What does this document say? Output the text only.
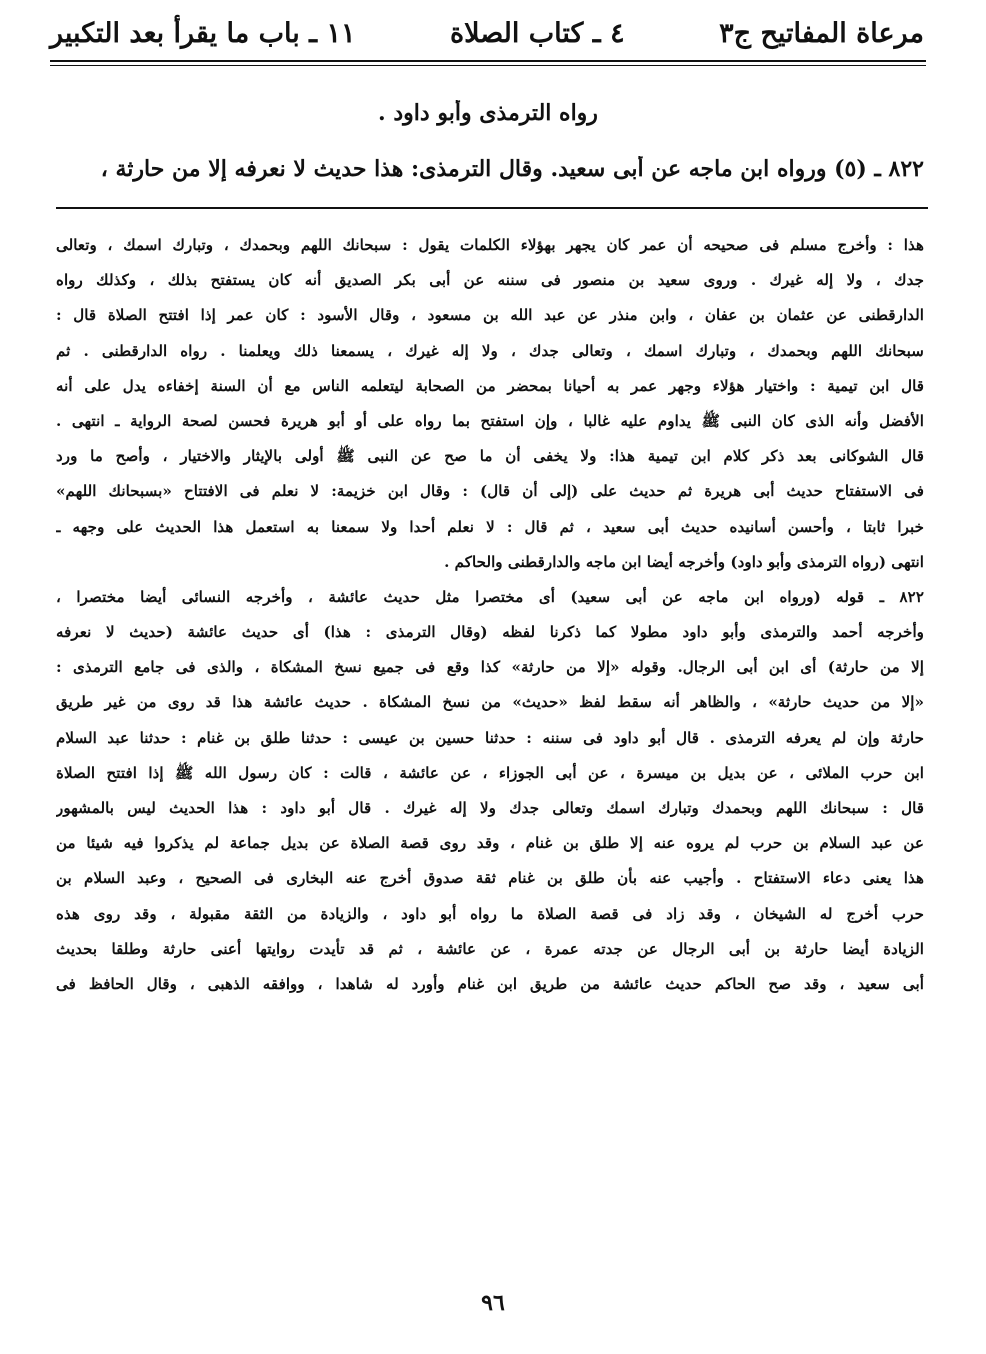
مرعاة المفاتيح ج٣
٤ ـ كتاب الصلاة
١١ ـ باب ما يقرأ بعد التكبير
رواه الترمذى وأبو داود .
٨٢٢ ـ (٥) ورواه ابن ماجه عن أبى سعيد. وقال الترمذى: هذا حديث لا نعرفه إلا من حارثة ،
هذا : وأخرج مسلم فى صحيحه أن عمر كان يجهر بهؤلاء الكلمات يقول : سبحانك اللهم وبحمدك ، وتبارك اسمك ، وتعالى
جدك ، ولا إله غيرك . وروى سعيد بن منصور فى سننه عن أبى بكر الصديق أنه كان يستفتح بذلك ، وكذلك رواه
الدارقطنى عن عثمان بن عفان ، وابن منذر عن عبد الله بن مسعود ، وقال الأسود : كان عمر إذا افتتح الصلاة قال :
سبحانك اللهم وبحمدك ، وتبارك اسمك ، وتعالى جدك ، ولا إله غيرك ، يسمعنا ذلك ويعلمنا . رواه الدارقطنى . ثم
قال ابن تيمية : واختيار هؤلاء وجهر عمر به أحيانا بمحضر من الصحابة ليتعلمه الناس مع أن السنة إخفاءه يدل على أنه
الأفضل وأنه الذى كان النبى ﷺ يداوم عليه غالبا ، وإن استفتح بما رواه على أو أبو هريرة فحسن لصحة الرواية ـ انتهى .
قال الشوكانى بعد ذكر كلام ابن تيمية هذا: ولا يخفى أن ما صح عن النبى ﷺ أولى بالإيثار والاختيار ، وأصح ما ورد
فى الاستفتاح حديث أبى هريرة ثم حديث على (إلى أن قال) : وقال ابن خزيمة: لا نعلم فى الافتتاح «بسبحانك اللهم»
خبرا ثابتا ، وأحسن أسانيده حديث أبى سعيد ، ثم قال : لا نعلم أحدا ولا سمعنا به استعمل هذا الحديث على وجهه ـ
انتهى (رواه الترمذى وأبو داود) وأخرجه أيضا ابن ماجه والدارقطنى والحاكم .
٨٢٢ ـ قوله (ورواه ابن ماجه عن أبى سعيد) أى مختصرا مثل حديث عائشة ، وأخرجه النسائى أيضا مختصرا ،
وأخرجه أحمد والترمذى وأبو داود مطولا كما ذكرنا لفظه (وقال الترمذى : هذا) أى حديث عائشة (حديث لا نعرفه
إلا من حارثة) أى ابن أبى الرجال. وقوله «إلا من حارثة» كذا وقع فى جميع نسخ المشكاة ، والذى فى جامع الترمذى :
«إلا من حديث حارثة» ، والظاهر أنه سقط لفظ «حديث» من نسخ المشكاة . حديث عائشة هذا قد روى من غير طريق
حارثة وإن لم يعرفه الترمذى . قال أبو داود فى سننه : حدثنا حسين بن عيسى : حدثنا طلق بن غنام : حدثنا عبد السلام
ابن حرب الملائى ، عن بديل بن ميسرة ، عن أبى الجوزاء ، عن عائشة ، قالت : كان رسول الله ﷺ إذا افتتح الصلاة
قال : سبحانك اللهم وبحمدك وتبارك اسمك وتعالى جدك ولا إله غيرك . قال أبو داود : هذا الحديث ليس بالمشهور
عن عبد السلام بن حرب لم يروه عنه إلا طلق بن غنام ، وقد روى قصة الصلاة عن بديل جماعة لم يذكروا فيه شيئا من
هذا يعنى دعاء الاستفتاح . وأجيب عنه بأن طلق بن غنام ثقة صدوق أخرج عنه البخارى فى الصحيح ، وعبد السلام بن
حرب أخرج له الشيخان ، وقد زاد فى قصة الصلاة ما رواه أبو داود ، والزيادة من الثقة مقبولة ، وقد روى هذه
الزيادة أيضا حارثة بن أبى الرجال عن جدته عمرة ، عن عائشة ، ثم قد تأيدت روايتها أعنى حارثة وطلقا بحديث
أبى سعيد ، وقد صح الحاكم حديث عائشة من طريق ابن غنام وأورد له شاهدا ، ووافقه الذهبى ، وقال الحافظ فى
٩٦
